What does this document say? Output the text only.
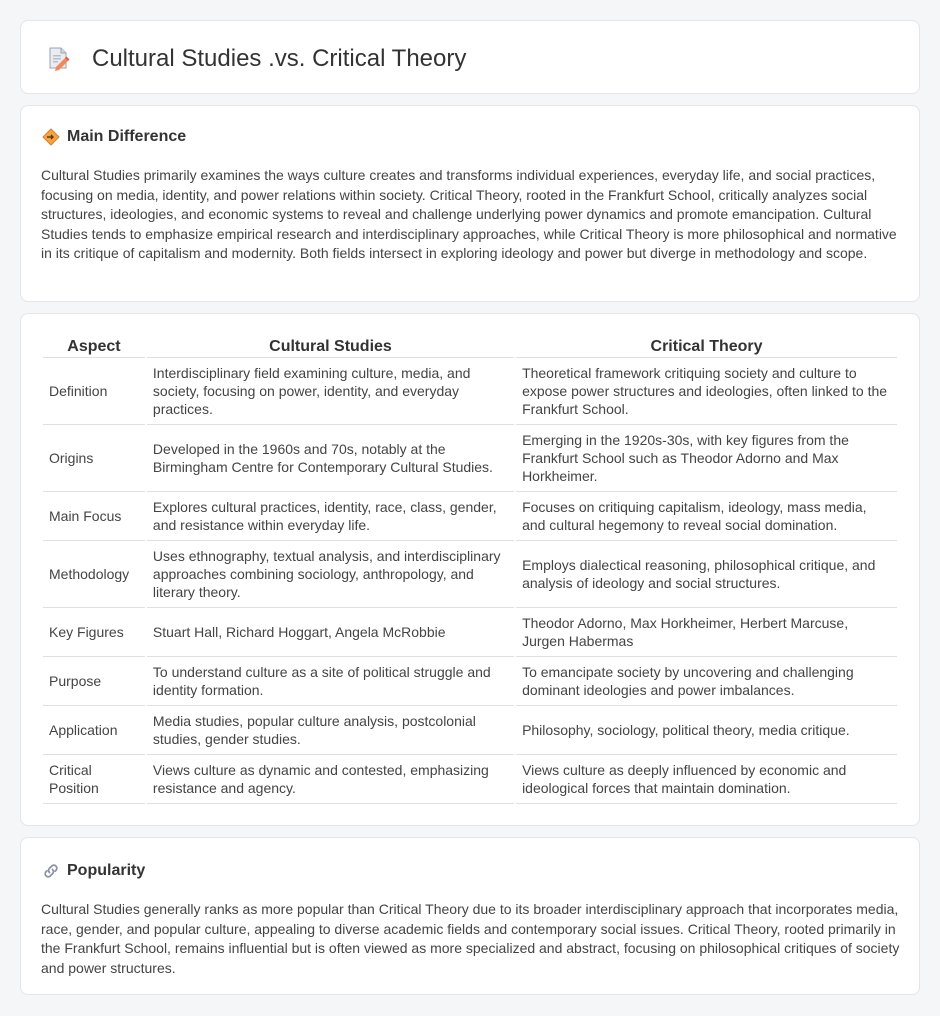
Cultural Studies .vs. Critical Theory
Main Difference

Cultural Studies primarily examines the ways culture creates and transforms individual experiences, everyday life, and social practices, focusing on media, identity, and power relations within society. Critical Theory, rooted in the Frankfurt School, critically analyzes social structures, ideologies, and economic systems to reveal and challenge underlying power dynamics and promote emancipation. Cultural Studies tends to emphasize empirical research and interdisciplinary approaches, while Critical Theory is more philosophical and normative in its critique of capitalism and modernity. Both fields intersect in exploring ideology and power but diverge in methodology and scope.

Aspect	Cultural Studies	Critical Theory
Definition	Interdisciplinary field examining culture, media, and society, focusing on power, identity, and everyday practices.	Theoretical framework critiquing society and culture to expose power structures and ideologies, often linked to the Frankfurt School.
Origins	Developed in the 1960s and 70s, notably at the Birmingham Centre for Contemporary Cultural Studies.	Emerging in the 1920s-30s, with key figures from the Frankfurt School such as Theodor Adorno and Max Horkheimer.
Main Focus	Explores cultural practices, identity, race, class, gender, and resistance within everyday life.	Focuses on critiquing capitalism, ideology, mass media, and cultural hegemony to reveal social domination.
Methodology	Uses ethnography, textual analysis, and interdisciplinary approaches combining sociology, anthropology, and literary theory.	Employs dialectical reasoning, philosophical critique, and analysis of ideology and social structures.
Key Figures	Stuart Hall, Richard Hoggart, Angela McRobbie	Theodor Adorno, Max Horkheimer, Herbert Marcuse, Jurgen Habermas
Purpose	To understand culture as a site of political struggle and identity formation.	To emancipate society by uncovering and challenging dominant ideologies and power imbalances.
Application	Media studies, popular culture analysis, postcolonial studies, gender studies.	Philosophy, sociology, political theory, media critique.
Critical Position	Views culture as dynamic and contested, emphasizing resistance and agency.	Views culture as deeply influenced by economic and ideological forces that maintain domination.
Popularity

Cultural Studies generally ranks as more popular than Critical Theory due to its broader interdisciplinary approach that incorporates media, race, gender, and popular culture, appealing to diverse academic fields and contemporary social issues. Critical Theory, rooted primarily in the Frankfurt School, remains influential but is often viewed as more specialized and abstract, focusing on philosophical critiques of society and power structures.
